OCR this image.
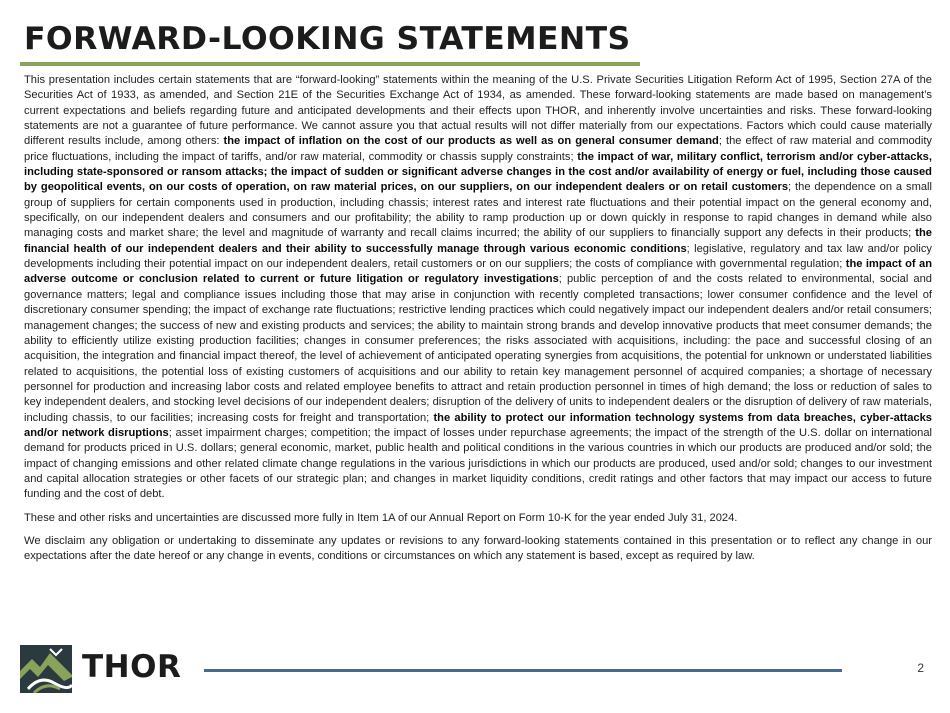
FORWARD-LOOKING STATEMENTS

This presentation includes certain statements that are “forward-looking” statements within the meaning of the U.S. Private Securities Litigation Reform Act of 1995, Section 27A of the Securities Act of 1933, as amended, and Section 21E of the Securities Exchange Act of 1934, as amended. These forward-looking statements are made based on management’s current expectations and beliefs regarding future and anticipated developments and their effects upon THOR, and inherently involve uncertainties and risks. These forward-looking statements are not a guarantee of future performance. We cannot assure you that actual results will not differ materially from our expectations. Factors which could cause materially different results include, among others: the impact of inflation on the cost of our products as well as on general consumer demand; the effect of raw material and commodity price fluctuations, including the impact of tariffs, and/or raw material, commodity or chassis supply constraints; the impact of war, military conflict, terrorism and/or cyber-attacks, including state-sponsored or ransom attacks; the impact of sudden or significant adverse changes in the cost and/or availability of energy or fuel, including those caused by geopolitical events, on our costs of operation, on raw material prices, on our suppliers, on our independent dealers or on retail customers; the dependence on a small group of suppliers for certain components used in production, including chassis; interest rates and interest rate fluctuations and their potential impact on the general economy and, specifically, on our independent dealers and consumers and our profitability; the ability to ramp production up or down quickly in response to rapid changes in demand while also managing costs and market share; the level and magnitude of warranty and recall claims incurred; the ability of our suppliers to financially support any defects in their products; the financial health of our independent dealers and their ability to successfully manage through various economic conditions; legislative, regulatory and tax law and/or policy developments including their potential impact on our independent dealers, retail customers or on our suppliers; the costs of compliance with governmental regulation; the impact of an adverse outcome or conclusion related to current or future litigation or regulatory investigations; public perception of and the costs related to environmental, social and governance matters; legal and compliance issues including those that may arise in conjunction with recently completed transactions; lower consumer confidence and the level of discretionary consumer spending; the impact of exchange rate fluctuations; restrictive lending practices which could negatively impact our independent dealers and/or retail consumers; management changes; the success of new and existing products and services; the ability to maintain strong brands and develop innovative products that meet consumer demands; the ability to efficiently utilize existing production facilities; changes in consumer preferences; the risks associated with acquisitions, including: the pace and successful closing of an acquisition, the integration and financial impact thereof, the level of achievement of anticipated operating synergies from acquisitions, the potential for unknown or understated liabilities related to acquisitions, the potential loss of existing customers of acquisitions and our ability to retain key management personnel of acquired companies; a shortage of necessary personnel for production and increasing labor costs and related employee benefits to attract and retain production personnel in times of high demand; the loss or reduction of sales to key independent dealers, and stocking level decisions of our independent dealers; disruption of the delivery of units to independent dealers or the disruption of delivery of raw materials, including chassis, to our facilities; increasing costs for freight and transportation; the ability to protect our information technology systems from data breaches, cyber-attacks and/or network disruptions; asset impairment charges; competition; the impact of losses under repurchase agreements; the impact of the strength of the U.S. dollar on international demand for products priced in U.S. dollars; general economic, market, public health and political conditions in the various countries in which our products are produced and/or sold; the impact of changing emissions and other related climate change regulations in the various jurisdictions in which our products are produced, used and/or sold; changes to our investment and capital allocation strategies or other facets of our strategic plan; and changes in market liquidity conditions, credit ratings and other factors that may impact our access to future funding and the cost of debt.

These and other risks and uncertainties are discussed more fully in Item 1A of our Annual Report on Form 10-K for the year ended July 31, 2024.

We disclaim any obligation or undertaking to disseminate any updates or revisions to any forward-looking statements contained in this presentation or to reflect any change in our expectations after the date hereof or any change in events, conditions or circumstances on which any statement is based, except as required by law.

THOR	2
